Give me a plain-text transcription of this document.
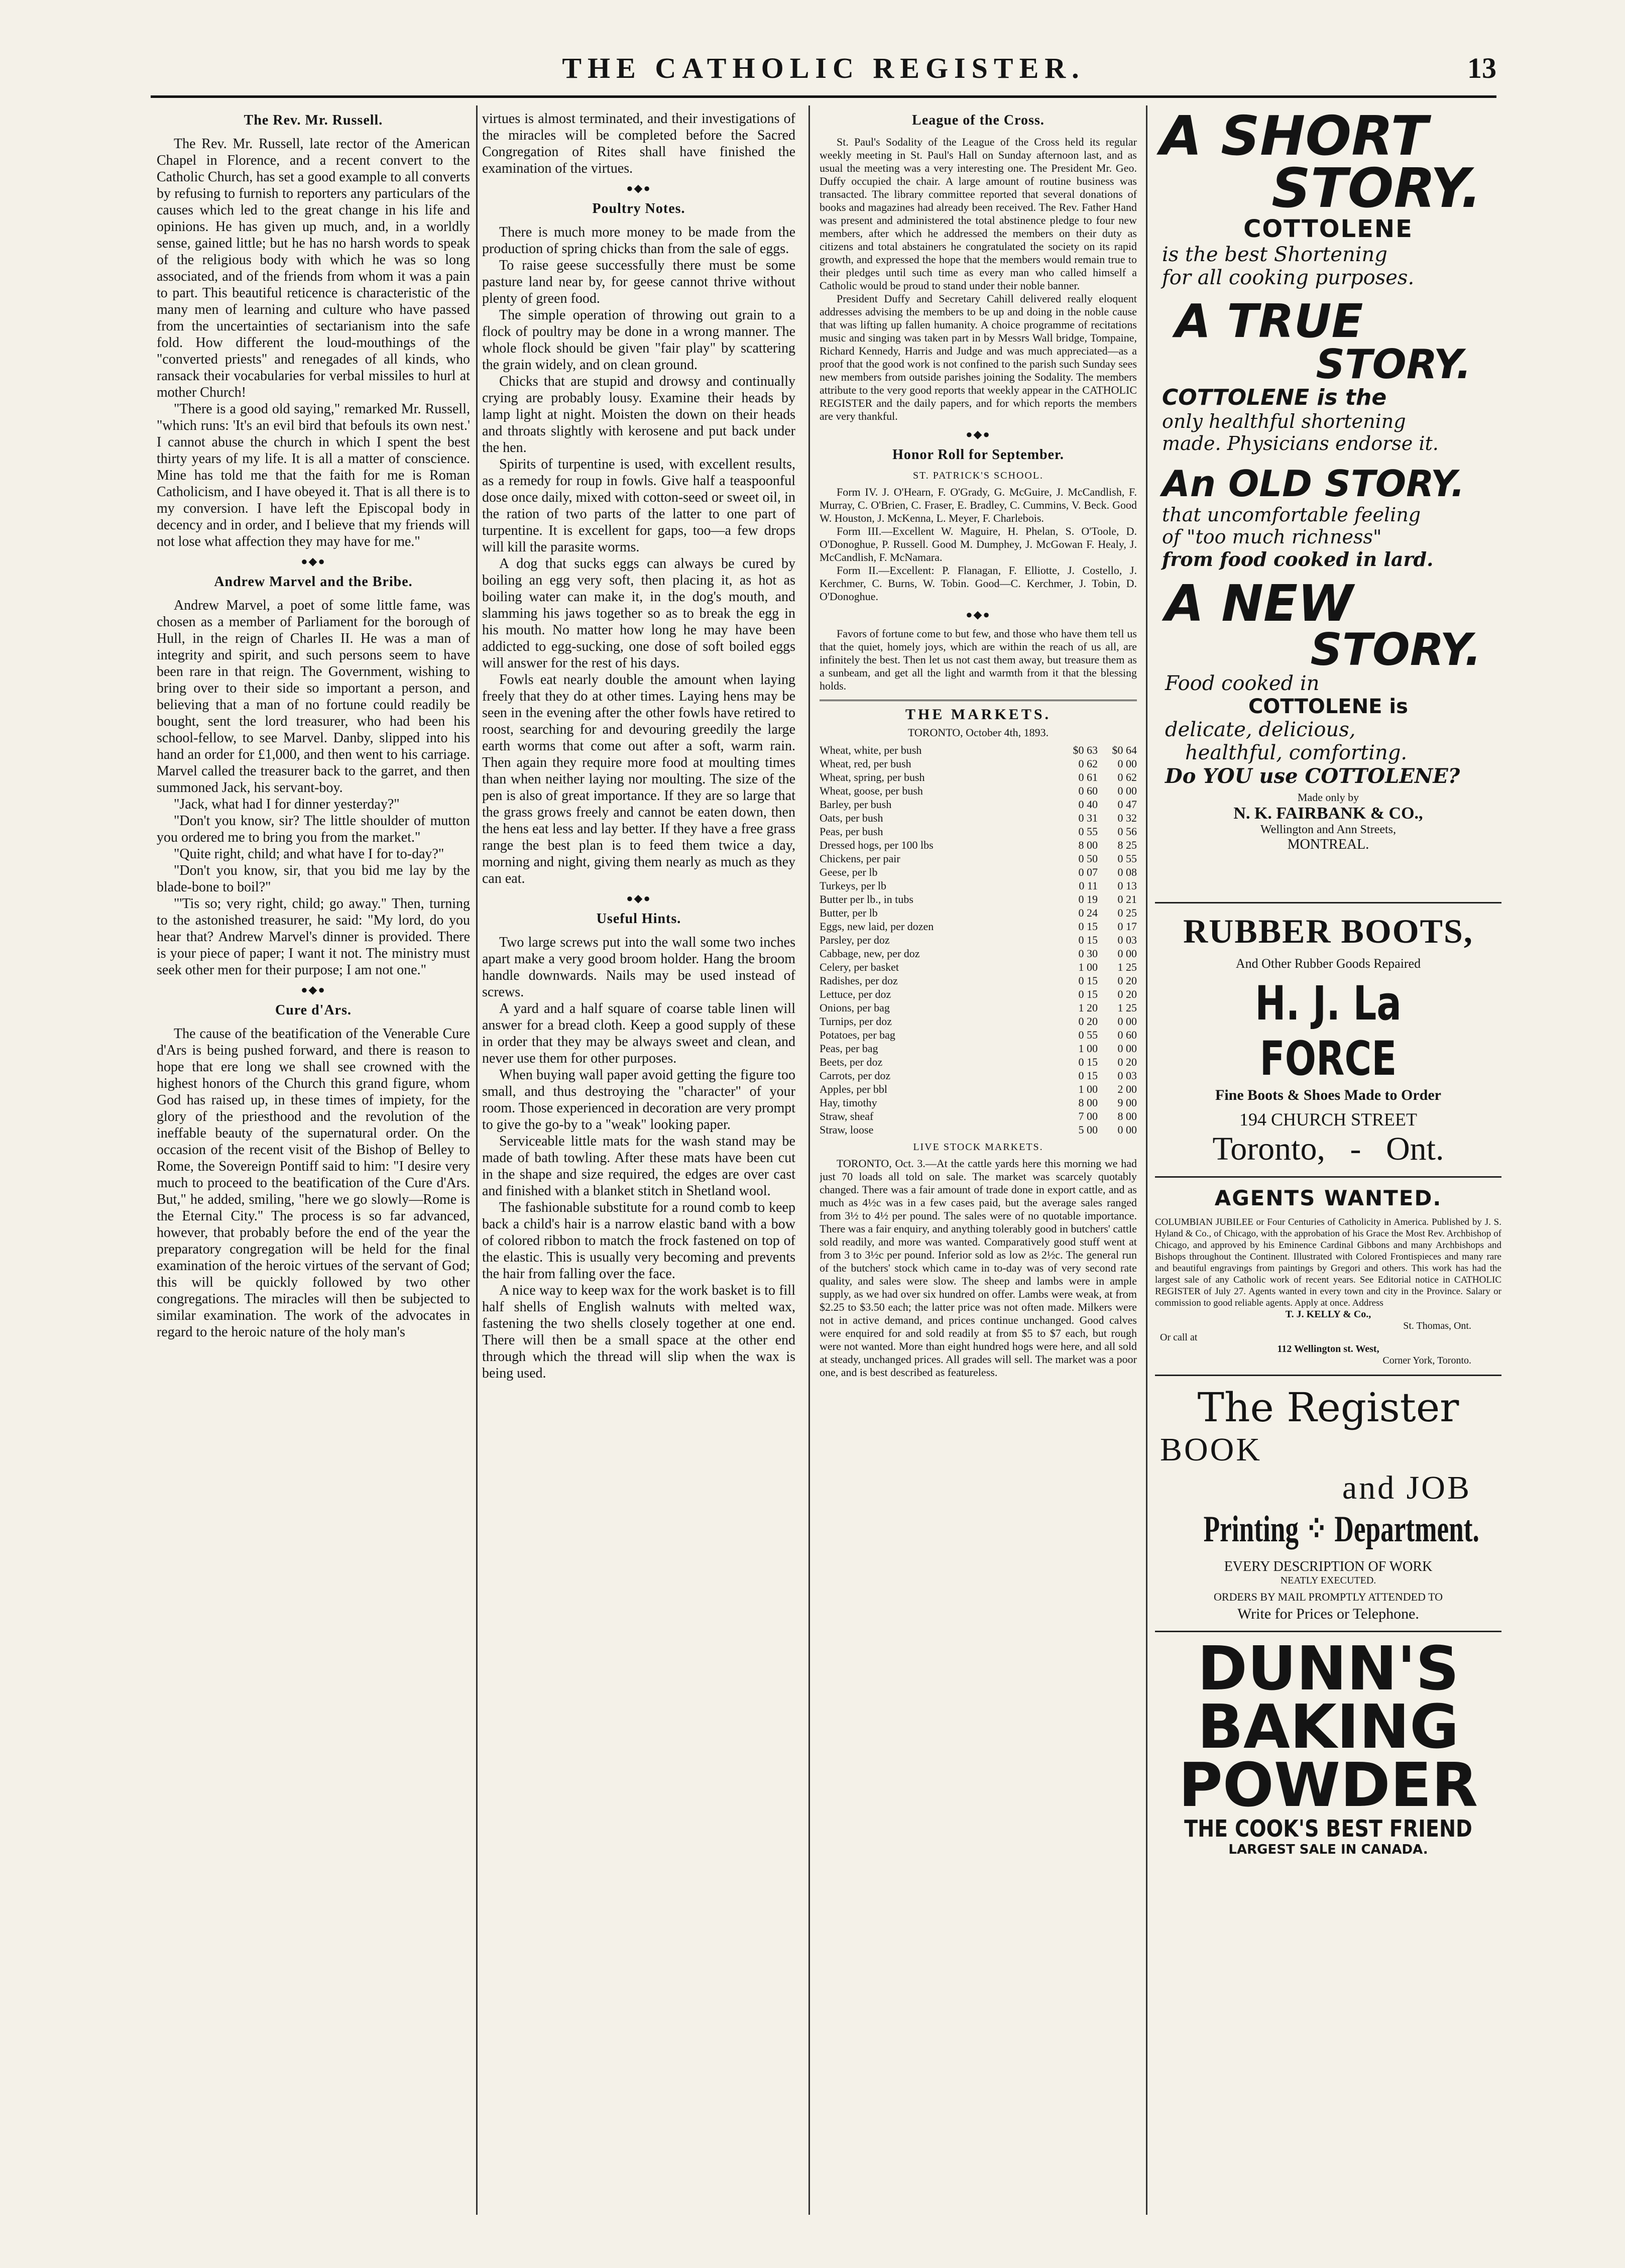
THE CATHOLIC REGISTER.	13
The Rev. Mr. Russell.

The Rev. Mr. Russell, late rector of the American Chapel in Florence, and a recent convert to the Catholic Church, has set a good example to all converts by refusing to furnish to reporters any particulars of the causes which led to the great change in his life and opinions. He has given up much, and, in a worldly sense, gained little; but he has no harsh words to speak of the religious body with which he was so long associated, and of the friends from whom it was a pain to part. This beautiful reticence is characteristic of the many men of learning and culture who have passed from the uncertainties of sectarianism into the safe fold. How different the loud-mouthings of the "converted priests" and renegades of all kinds, who ransack their vocabularies for verbal missiles to hurl at mother Church!

"There is a good old saying," remarked Mr. Russell, "which runs: 'It's an evil bird that befouls its own nest.' I cannot abuse the church in which I spent the best thirty years of my life. It is all a matter of conscience. Mine has told me that the faith for me is Roman Catholicism, and I have obeyed it. That is all there is to my conversion. I have left the Episcopal body in decency and in order, and I believe that my friends will not lose what affection they may have for me."

●◆●
Andrew Marvel and the Bribe.

Andrew Marvel, a poet of some little fame, was chosen as a member of Parliament for the borough of Hull, in the reign of Charles II. He was a man of integrity and spirit, and such persons seem to have been rare in that reign. The Government, wishing to bring over to their side so important a person, and believing that a man of no fortune could readily be bought, sent the lord treasurer, who had been his school-fellow, to see Marvel. Danby, slipped into his hand an order for £1,000, and then went to his carriage. Marvel called the treasurer back to the garret, and then summoned Jack, his servant-boy.

"Jack, what had I for dinner yesterday?"

"Don't you know, sir? The little shoulder of mutton you ordered me to bring you from the market."

"Quite right, child; and what have I for to-day?"

"Don't you know, sir, that you bid me lay by the blade-bone to boil?"

"'Tis so; very right, child; go away." Then, turning to the astonished treasurer, he said: "My lord, do you hear that? Andrew Marvel's dinner is provided. There is your piece of paper; I want it not. The ministry must seek other men for their purpose; I am not one."

●◆●
Cure d'Ars.

The cause of the beatification of the Venerable Cure d'Ars is being pushed forward, and there is reason to hope that ere long we shall see crowned with the highest honors of the Church this grand figure, whom God has raised up, in these times of impiety, for the glory of the priesthood and the revolution of the ineffable beauty of the supernatural order. On the occasion of the recent visit of the Bishop of Belley to Rome, the Sovereign Pontiff said to him: "I desire very much to proceed to the beatification of the Cure d'Ars. But," he added, smiling, "here we go slowly—Rome is the Eternal City." The process is so far advanced, however, that probably before the end of the year the preparatory congregation will be held for the final examination of the heroic virtues of the servant of God; this will be quickly followed by two other congregations. The miracles will then be subjected to similar examination. The work of the advocates in regard to the heroic nature of the holy man's

virtues is almost terminated, and their investigations of the miracles will be completed before the Sacred Congregation of Rites shall have finished the examination of the virtues.

●◆●
Poultry Notes.

There is much more money to be made from the production of spring chicks than from the sale of eggs.

To raise geese successfully there must be some pasture land near by, for geese cannot thrive without plenty of green food.

The simple operation of throwing out grain to a flock of poultry may be done in a wrong manner. The whole flock should be given "fair play" by scattering the grain widely, and on clean ground.

Chicks that are stupid and drowsy and continually crying are probably lousy. Examine their heads by lamp light at night. Moisten the down on their heads and throats slightly with kerosene and put back under the hen.

Spirits of turpentine is used, with excellent results, as a remedy for roup in fowls. Give half a teaspoonful dose once daily, mixed with cotton-seed or sweet oil, in the ration of two parts of the latter to one part of turpentine. It is excellent for gaps, too—a few drops will kill the parasite worms.

A dog that sucks eggs can always be cured by boiling an egg very soft, then placing it, as hot as boiling water can make it, in the dog's mouth, and slamming his jaws together so as to break the egg in his mouth. No matter how long he may have been addicted to egg-sucking, one dose of soft boiled eggs will answer for the rest of his days.

Fowls eat nearly double the amount when laying freely that they do at other times. Laying hens may be seen in the evening after the other fowls have retired to roost, searching for and devouring greedily the large earth worms that come out after a soft, warm rain. Then again they require more food at moulting times than when neither laying nor moulting. The size of the pen is also of great importance. If they are so large that the grass grows freely and cannot be eaten down, then the hens eat less and lay better. If they have a free grass range the best plan is to feed them twice a day, morning and night, giving them nearly as much as they can eat.

●◆●
Useful Hints.

Two large screws put into the wall some two inches apart make a very good broom holder. Hang the broom handle downwards. Nails may be used instead of screws.

A yard and a half square of coarse table linen will answer for a bread cloth. Keep a good supply of these in order that they may be always sweet and clean, and never use them for other purposes.

When buying wall paper avoid getting the figure too small, and thus destroying the "character" of your room. Those experienced in decoration are very prompt to give the go-by to a "weak" looking paper.

Serviceable little mats for the wash stand may be made of bath towling. After these mats have been cut in the shape and size required, the edges are over cast and finished with a blanket stitch in Shetland wool.

The fashionable substitute for a round comb to keep back a child's hair is a narrow elastic band with a bow of colored ribbon to match the frock fastened on top of the elastic. This is usually very becoming and prevents the hair from falling over the face.

A nice way to keep wax for the work basket is to fill half shells of English walnuts with melted wax, fastening the two shells closely together at one end. There will then be a small space at the other end through which the thread will slip when the wax is being used.

League of the Cross.

St. Paul's Sodality of the League of the Cross held its regular weekly meeting in St. Paul's Hall on Sunday afternoon last, and as usual the meeting was a very interesting one. The President Mr. Geo. Duffy occupied the chair. A large amount of routine business was transacted. The library committee reported that several donations of books and magazines had already been received. The Rev. Father Hand was present and administered the total abstinence pledge to four new members, after which he addressed the members on their duty as citizens and total abstainers he congratulated the society on its rapid growth, and expressed the hope that the members would remain true to their pledges until such time as every man who called himself a Catholic would be proud to stand under their noble banner.

President Duffy and Secretary Cahill delivered really eloquent addresses advising the members to be up and doing in the noble cause that was lifting up fallen humanity. A choice programme of recitations music and singing was taken part in by Messrs Wall bridge, Tompaine, Richard Kennedy, Harris and Judge and was much appreciated—as a proof that the good work is not confined to the parish such Sunday sees new members from outside parishes joining the Sodality. The members attribute to the very good reports that weekly appear in the CATHOLIC REGISTER and the daily papers, and for which reports the members are very thankful.

●◆●
Honor Roll for September.
ST. PATRICK'S SCHOOL.

Form IV. J. O'Hearn, F. O'Grady, G. McGuire, J. McCandlish, F. Murray, C. O'Brien, C. Fraser, E. Bradley, C. Cummins, V. Beck. Good W. Houston, J. McKenna, L. Meyer, F. Charlebois.

Form III.—Excellent W. Maguire, H. Phelan, S. O'Toole, D. O'Donoghue, P. Russell. Good M. Dumphey, J. McGowan F. Healy, J. McCandlish, F. McNamara.

Form II.—Excellent: P. Flanagan, F. Elliotte, J. Costello, J. Kerchmer, C. Burns, W. Tobin. Good—C. Kerchmer, J. Tobin, D. O'Donoghue.

●◆●

Favors of fortune come to but few, and those who have them tell us that the quiet, homely joys, which are within the reach of us all, are infinitely the best. Then let us not cast them away, but treasure them as a sunbeam, and get all the light and warmth from it that the blessing holds.

THE MARKETS.
TORONTO, October 4th, 1893.
Wheat, white, per bush	$0 63	$0 64
Wheat, red, per bush	0 62	0 00
Wheat, spring, per bush	0 61	0 62
Wheat, goose, per bush	0 60	0 00
Barley, per bush	0 40	0 47
Oats, per bush	0 31	0 32
Peas, per bush	0 55	0 56
Dressed hogs, per 100 lbs	8 00	8 25
Chickens, per pair	0 50	0 55
Geese, per lb	0 07	0 08
Turkeys, per lb	0 11	0 13
Butter per lb., in tubs	0 19	0 21
Butter, per lb	0 24	0 25
Eggs, new laid, per dozen	0 15	0 17
Parsley, per doz	0 15	0 03
Cabbage, new, per doz	0 30	0 00
Celery, per basket	1 00	1 25
Radishes, per doz	0 15	0 20
Lettuce, per doz	0 15	0 20
Onions, per bag	1 20	1 25
Turnips, per doz	0 20	0 00
Potatoes, per bag	0 55	0 60
Peas, per bag	1 00	0 00
Beets, per doz	0 15	0 20
Carrots, per doz	0 15	0 03
Apples, per bbl	1 00	2 00
Hay, timothy	8 00	9 00
Straw, sheaf	7 00	8 00
Straw, loose	5 00	0 00
LIVE STOCK MARKETS.

TORONTO, Oct. 3.—At the cattle yards here this morning we had just 70 loads all told on sale. The market was scarcely quotably changed. There was a fair amount of trade done in export cattle, and as much as 4½c was in a few cases paid, but the average sales ranged from 3½ to 4½ per pound. The sales were of no quotable importance. There was a fair enquiry, and anything tolerably good in butchers' cattle sold readily, and more was wanted. Comparatively good stuff went at from 3 to 3½c per pound. Inferior sold as low as 2½c. The general run of the butchers' stock which came in to-day was of very second rate quality, and sales were slow. The sheep and lambs were in ample supply, as we had over six hundred on offer. Lambs were weak, at from $2.25 to $3.50 each; the latter price was not often made. Milkers were not in active demand, and prices continue unchanged. Good calves were enquired for and sold readily at from $5 to $7 each, but rough were not wanted. More than eight hundred hogs were here, and all sold at steady, unchanged prices. All grades will sell. The market was a poor one, and is best described as featureless.

A SHORT
STORY.
COTTOLENE
is the best Shortening
for all cooking purposes.
A TRUE
STORY.
COTTOLENE is the
only healthful shortening
made. Physicians endorse it.
An OLD STORY.
that uncomfortable feeling
of "too much richness"
from food cooked in lard.
A NEW
STORY.
Food cooked in
COTTOLENE is
delicate, delicious,
healthful, comforting.
Do YOU use COTTOLENE?
Made only by
N. K. FAIRBANK & CO.,
Wellington and Ann Streets,
MONTREAL.
RUBBER BOOTS,
And Other Rubber Goods Repaired
H. J. La FORCE
Fine Boots & Shoes Made to Order
194 CHURCH STREET
Toronto,   -   Ont.
AGENTS WANTED.

COLUMBIAN JUBILEE or Four Centuries of Catholicity in America. Published by J. S. Hyland & Co., of Chicago, with the approbation of his Grace the Most Rev. Archbishop of Chicago, and approved by his Eminence Cardinal Gibbons and many Archbishops and Bishops throughout the Continent. Illustrated with Colored Frontispieces and many rare and beautiful engravings from paintings by Gregori and others. This work has had the largest sale of any Catholic work of recent years. See Editorial notice in CATHOLIC REGISTER of July 27. Agents wanted in every town and city in the Province. Salary or commission to good reliable agents. Apply at once. Address

T. J. KELLY & Co.,
St. Thomas, Ont.
Or call at
112 Wellington st. West,
Corner York, Toronto.
The Register
BOOK
and JOB
Printing ⁘ Department.
EVERY DESCRIPTION OF WORK
NEATLY EXECUTED.
ORDERS BY MAIL PROMPTLY ATTENDED TO
Write for Prices or Telephone.
DUNN'S
BAKING
POWDER
THE COOK'S BEST FRIEND
LARGEST SALE IN CANADA.
